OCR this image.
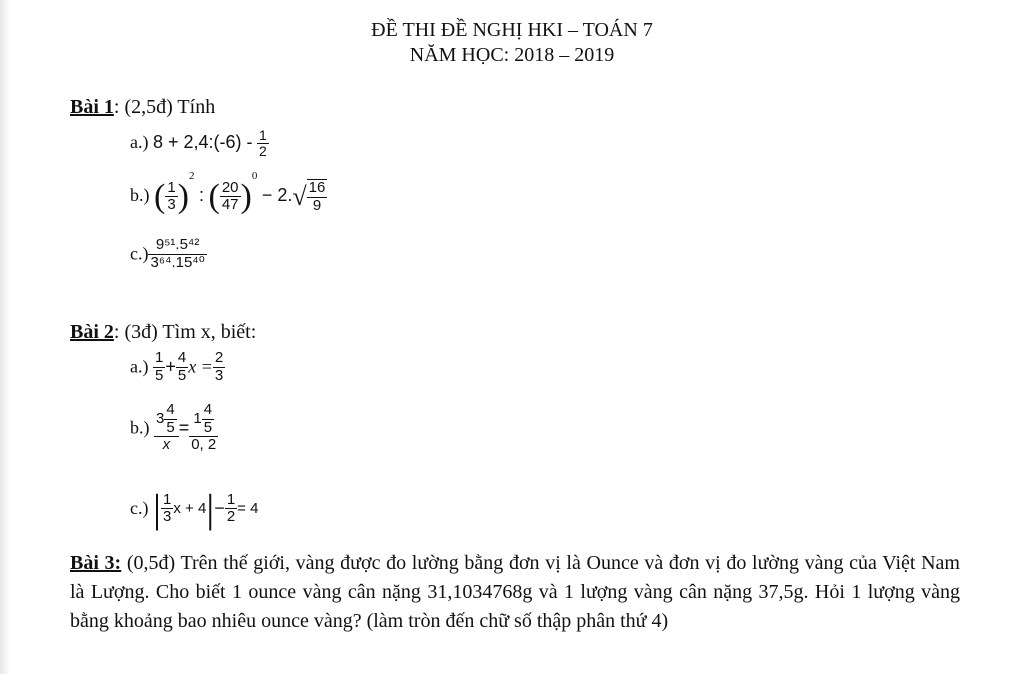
ĐỀ THI ĐỀ NGHỊ HKI – TOÁN 7
NĂM HỌC: 2018 – 2019
Bài 1: (2,5đ) Tính
a.) 8 + 2,4:(-6) - $\frac{1}{2}$
b.) ( $\frac{1}{3} )^2$ : ( $\frac{20}{47} )^0 - 2.√ \frac{16}{9}$
$c.) \frac{\text{9⁵¹.5⁴²}}{\text{3⁶⁴.15⁴⁰}}$
Bài 2: (3đ) Tìm x, biết:
$a.) \frac{1}{5} + \frac{4}{5}$ $x = \frac{2}{3}$
$b.) \frac{3 \frac{4}{5}}{x} = \frac{1 \frac{4}{5}}{0, 2}$
c.) | $\frac{1}{3}$ $x + 4|- \frac{1}{2} = 4$
Bài 3: (0,5đ) Trên thế giới, vàng được đo lường bằng đơn vị là Ounce và đơn vị đo lường vàng của Việt Nam là Lượng. Cho biết 1 ounce vàng cân nặng 31,1034768g và 1 lượng vàng cân nặng 37,5g. Hỏi 1 lượng vàng bằng khoảng bao nhiêu ounce vàng? (làm tròn đến chữ số thập phân thứ 4)
